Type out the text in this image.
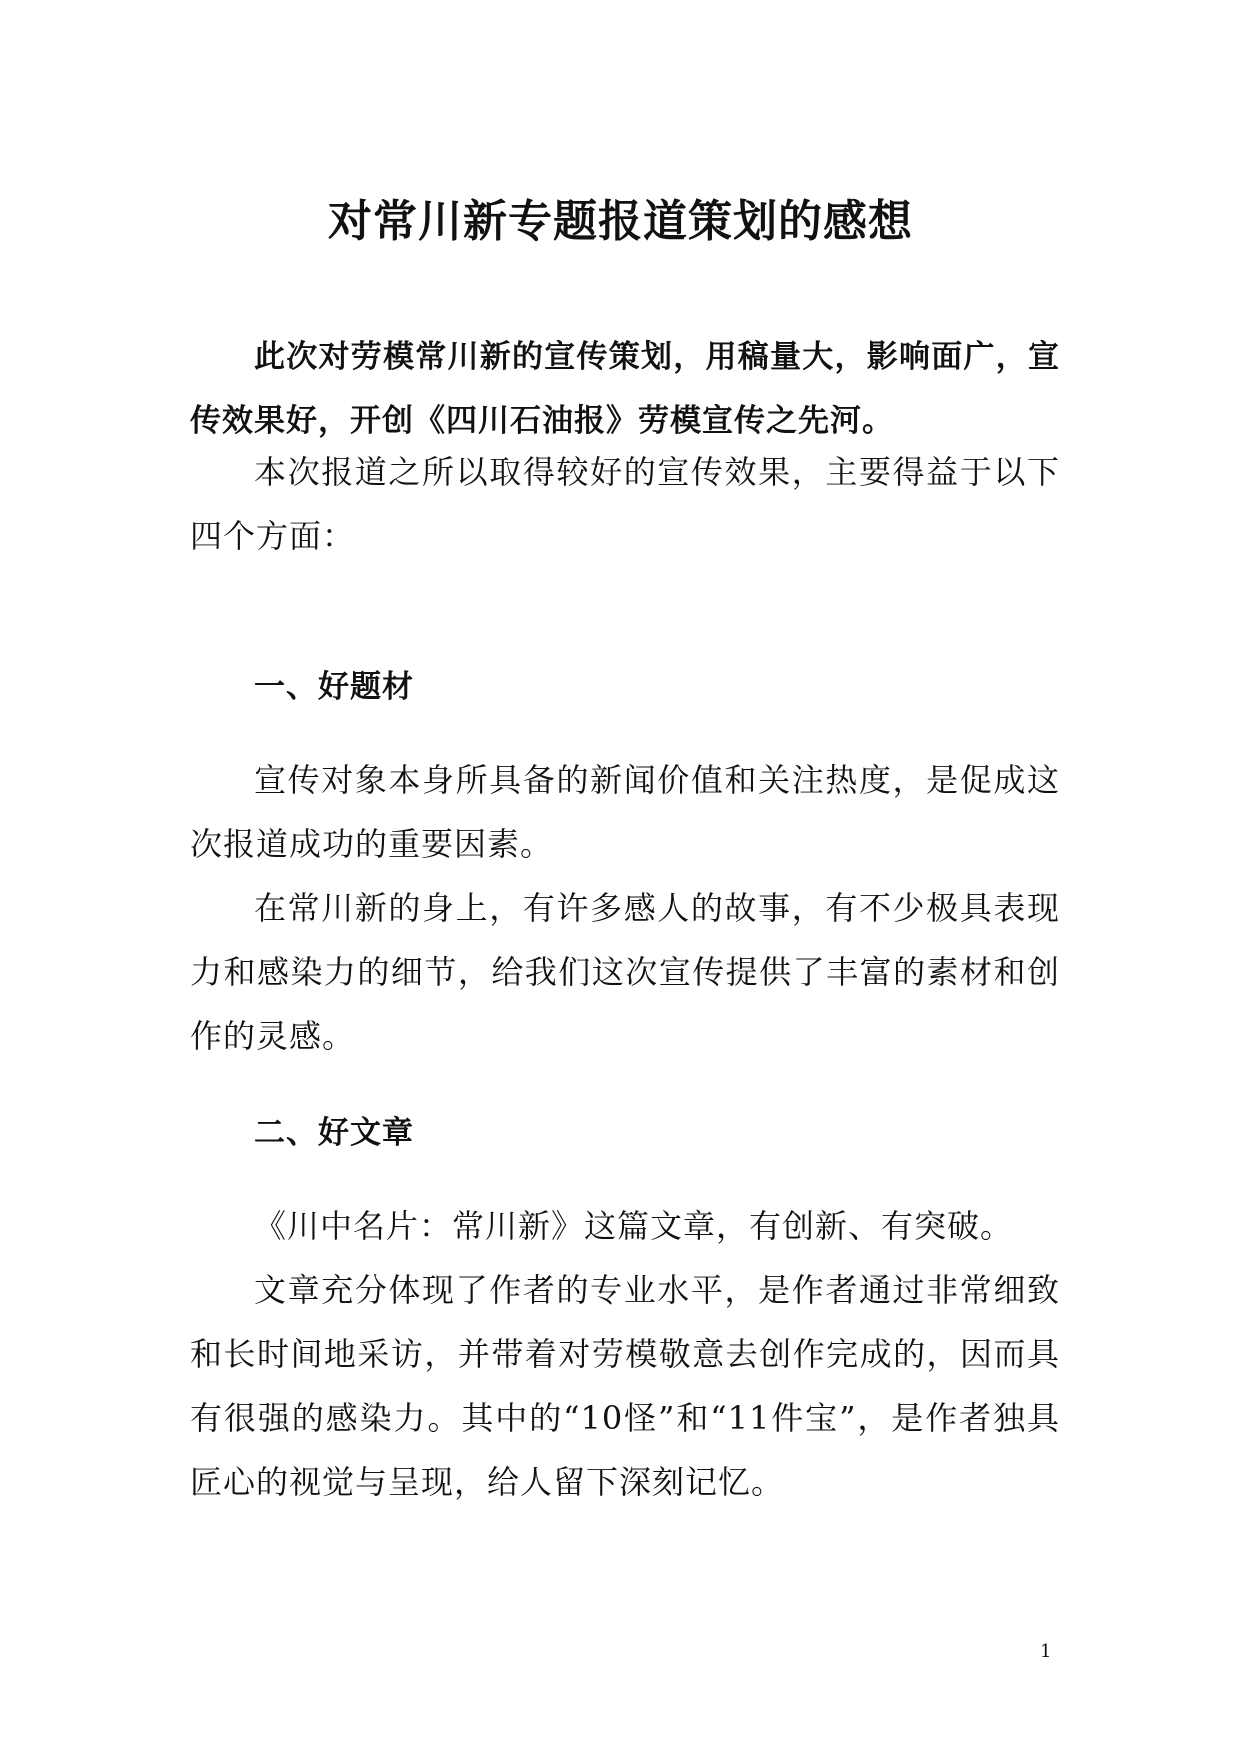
对常川新专题报道策划的感想

此次对劳模常川新的宣传策划，用稿量大，影响面广，宣传效果好，开创《四川石油报》劳模宣传之先河。

本次报道之所以取得较好的宣传效果，主要得益于以下四个方面：

一、好题材

宣传对象本身所具备的新闻价值和关注热度，是促成这次报道成功的重要因素。

在常川新的身上，有许多感人的故事，有不少极具表现力和感染力的细节，给我们这次宣传提供了丰富的素材和创作的灵感。

二、好文章

《川中名片：常川新》这篇文章，有创新、有突破。

文章充分体现了作者的专业水平，是作者通过非常细致和长时间地采访，并带着对劳模敬意去创作完成的，因而具有很强的感染力。其中的“10怪”和“11件宝”，是作者独具匠心的视觉与呈现，给人留下深刻记忆。

1
